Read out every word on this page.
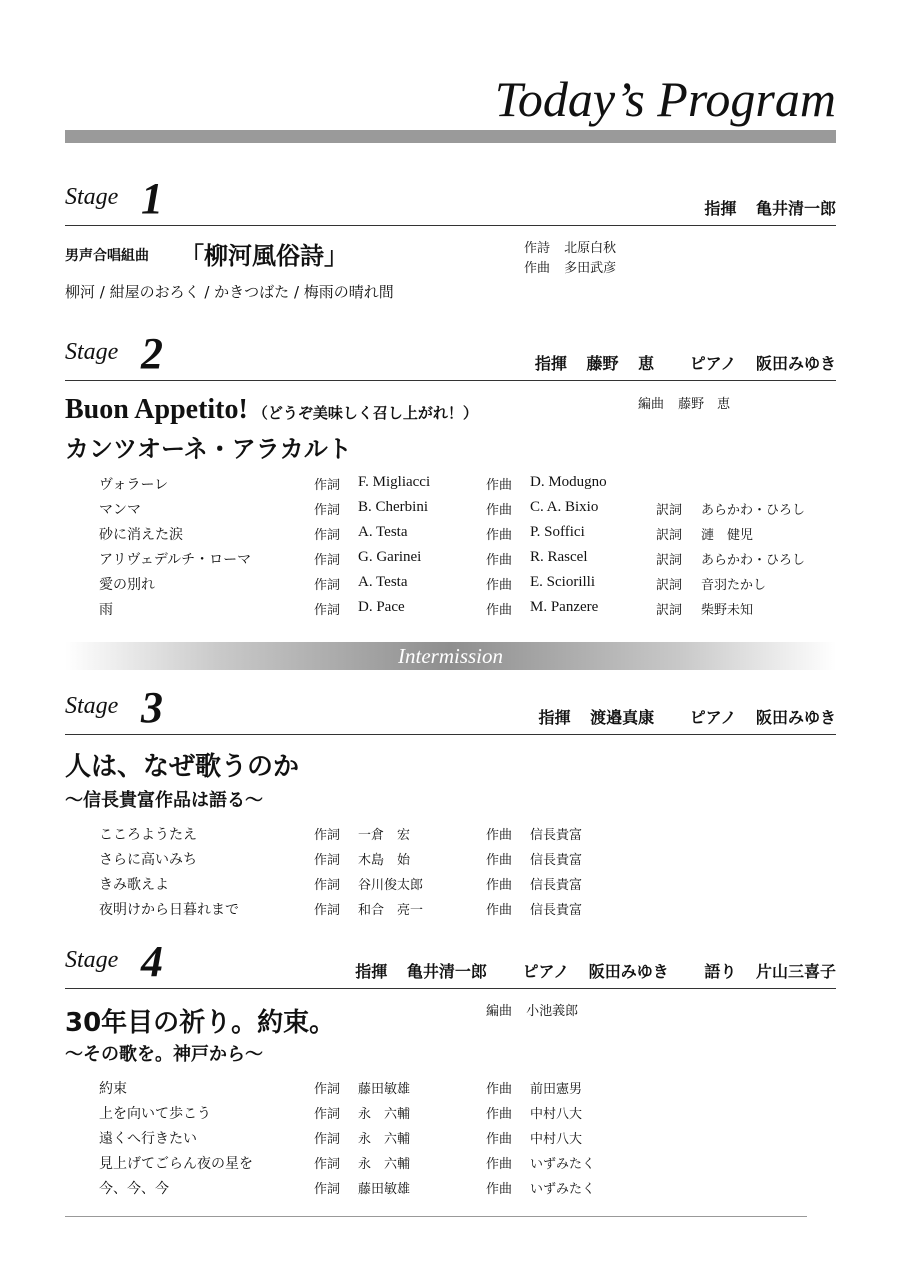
Today’s Program
Stage 1	指揮 亀井清一郎
男声合唱組曲 「柳河風俗詩」	作詩 北原白秋
作曲 多田武彦
柳河 / 紺屋のおろく / かきつばた / 梅雨の晴れ間
Stage 2	指揮 藤野 恵 ピアノ 阪田みゆき
Buon Appetito! （どうぞ美味しく召し上がれ！）	編曲 藤野　恵
カンツオーネ・アラカルト
ヴォラーレ	作詞 F. Migliacci	作曲 D. Modugno
マンマ	作詞 B. Cherbini	作曲 C. A. Bixio	訳詞 あらかわ・ひろし
砂に消えた涙	作詞 A. Testa	作曲 P. Soffici	訳詞 漣　健児
アリヴェデルチ・ローマ	作詞 G. Garinei	作曲 R. Rascel	訳詞 あらかわ・ひろし
愛の別れ	作詞 A. Testa	作曲 E. Sciorilli	訳詞 音羽たかし
雨	作詞 D. Pace	作曲 M. Panzere	訳詞 柴野未知
Intermission
Stage 3	指揮 渡邉真康 ピアノ 阪田みゆき
人は、なぜ歌うのか
〜信長貴富作品は語る〜
こころようたえ	作詞 一倉　宏	作曲 信長貴富
さらに高いみち	作詞 木島　始	作曲 信長貴富
きみ歌えよ	作詞 谷川俊太郎	作曲 信長貴富
夜明けから日暮れまで	作詞 和合　亮一	作曲 信長貴富
Stage 4	指揮 亀井清一郎 ピアノ 阪田みゆき 語り 片山三喜子
30年目の祈り。約束。	編曲 小池義郎
〜その歌を。神戸から〜
約束	作詞 藤田敏雄	作曲 前田憲男
上を向いて歩こう	作詞 永　六輔	作曲 中村八大
遠くへ行きたい	作詞 永　六輔	作曲 中村八大
見上げてごらん夜の星を	作詞 永　六輔	作曲 いずみたく
今、今、今	作詞 藤田敏雄	作曲 いずみたく
